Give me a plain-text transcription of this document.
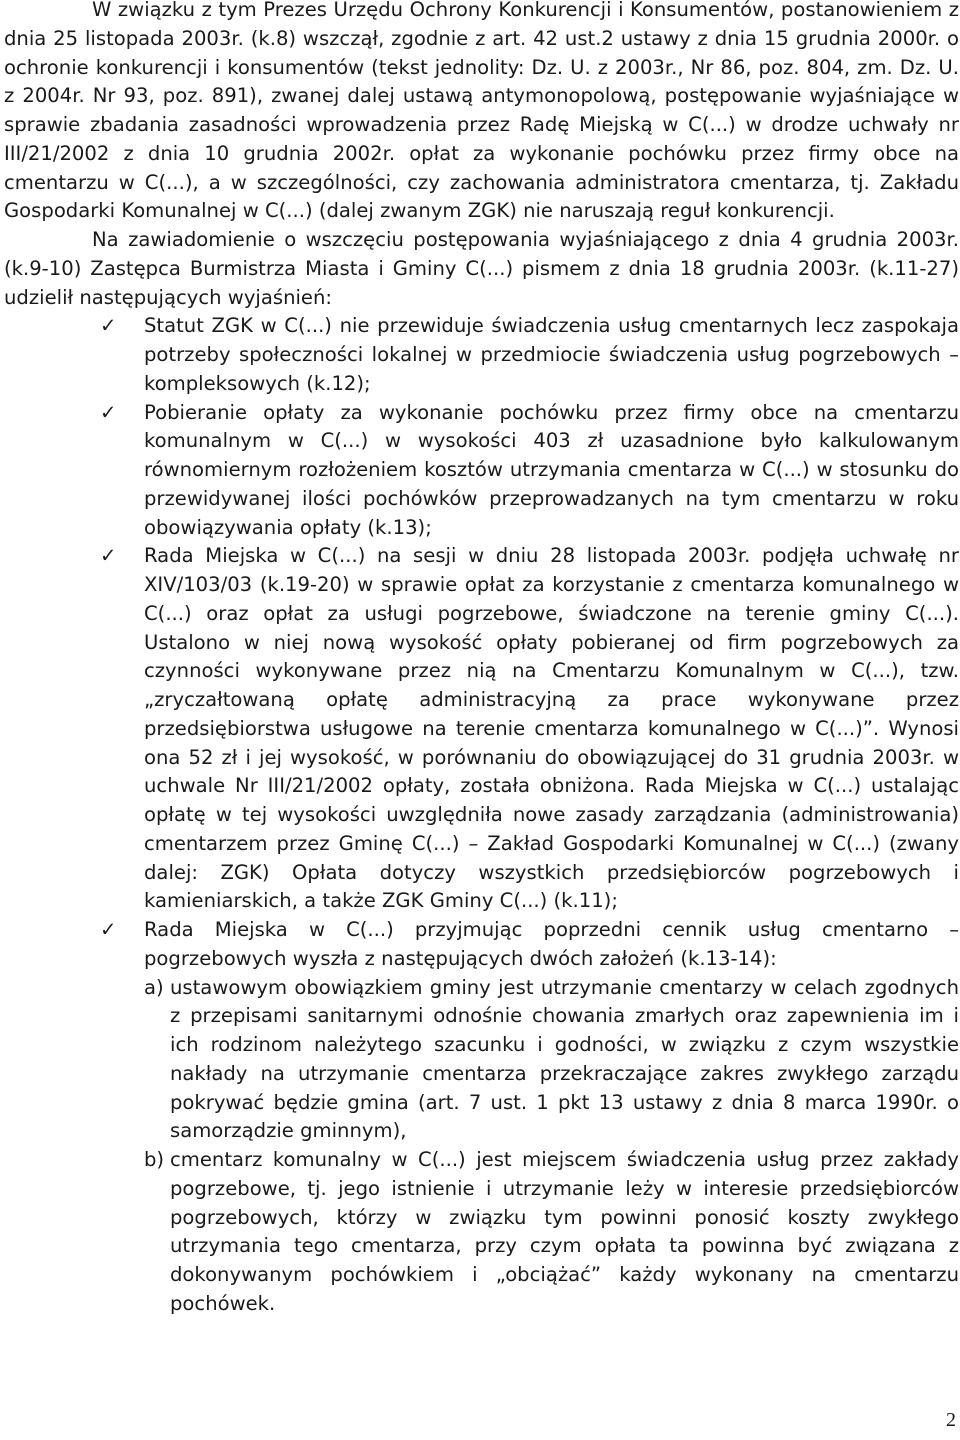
W związku z tym Prezes Urzędu Ochrony Konkurencji i Konsumentów, postanowieniem z dnia 25 listopada 2003r. (k.8) wszczął, zgodnie z art. 42 ust.2 ustawy z dnia 15 grudnia 2000r. o ochronie konkurencji i konsumentów (tekst jednolity: Dz. U. z 2003r., Nr 86, poz. 804, zm. Dz. U. z 2004r. Nr 93, poz. 891), zwanej dalej ustawą antymonopolową, postępowanie wyjaśniające w sprawie zbadania zasadności wprowadzenia przez Radę Miejską w C(...) w drodze uchwały nr III/21/2002 z dnia 10 grudnia 2002r. opłat za wykonanie pochówku przez firmy obce na cmentarzu w C(...), a w szczególności, czy zachowania administratora cmentarza, tj. Zakładu Gospodarki Komunalnej w C(...) (dalej zwanym ZGK) nie naruszają reguł konkurencji.

Na zawiadomienie o wszczęciu postępowania wyjaśniającego z dnia 4 grudnia 2003r. (k.9-10) Zastępca Burmistrza Miasta i Gminy C(...) pismem z dnia 18 grudnia 2003r. (k.11-27) udzielił następujących wyjaśnień:

✓ Statut ZGK w C(...) nie przewiduje świadczenia usług cmentarnych lecz zaspokaja potrzeby społeczności lokalnej w przedmiocie świadczenia usług pogrzebowych – kompleksowych (k.12);
✓ Pobieranie opłaty za wykonanie pochówku przez firmy obce na cmentarzu komunalnym w C(...) w wysokości 403 zł uzasadnione było kalkulowanym równomiernym rozłożeniem kosztów utrzymania cmentarza w C(...) w stosunku do przewidywanej ilości pochówków przeprowadzanych na tym cmentarzu w roku obowiązywania opłaty (k.13);
✓ Rada Miejska w C(...) na sesji w dniu 28 listopada 2003r. podjęła uchwałę nr XIV/103/03 (k.19-20) w sprawie opłat za korzystanie z cmentarza komunalnego w C(...) oraz opłat za usługi pogrzebowe, świadczone na terenie gminy C(...). Ustalono w niej nową wysokość opłaty pobieranej od firm pogrzebowych za czynności wykonywane przez nią na Cmentarzu Komunalnym w C(...), tzw. „zryczałtowaną opłatę administracyjną za prace wykonywane przez przedsiębiorstwa usługowe na terenie cmentarza komunalnego w C(...)”. Wynosi ona 52 zł i jej wysokość, w porównaniu do obowiązującej do 31 grudnia 2003r. w uchwale Nr III/21/2002 opłaty, została obniżona. Rada Miejska w C(...) ustalając opłatę w tej wysokości uwzględniła nowe zasady zarządzania (administrowania) cmentarzem przez Gminę C(...) – Zakład Gospodarki Komunalnej w C(...) (zwany dalej: ZGK) Opłata dotyczy wszystkich przedsiębiorców pogrzebowych i kamieniarskich, a także ZGK Gminy C(...) (k.11);
✓ Rada Miejska w C(...) przyjmując poprzedni cennik usług cmentarno – pogrzebowych wyszła z następujących dwóch założeń (k.13-14):
a) ustawowym obowiązkiem gminy jest utrzymanie cmentarzy w celach zgodnych z przepisami sanitarnymi odnośnie chowania zmarłych oraz zapewnienia im i ich rodzinom należytego szacunku i godności, w związku z czym wszystkie nakłady na utrzymanie cmentarza przekraczające zakres zwykłego zarządu pokrywać będzie gmina (art. 7 ust. 1 pkt 13 ustawy z dnia 8 marca 1990r. o samorządzie gminnym),
b) cmentarz komunalny w C(...) jest miejscem świadczenia usług przez zakłady pogrzebowe, tj. jego istnienie i utrzymanie leży w interesie przedsiębiorców pogrzebowych, którzy w związku tym powinni ponosić koszty zwykłego utrzymania tego cmentarza, przy czym opłata ta powinna być związana z dokonywanym pochówkiem i „obciążać” każdy wykonany na cmentarzu pochówek.
2
